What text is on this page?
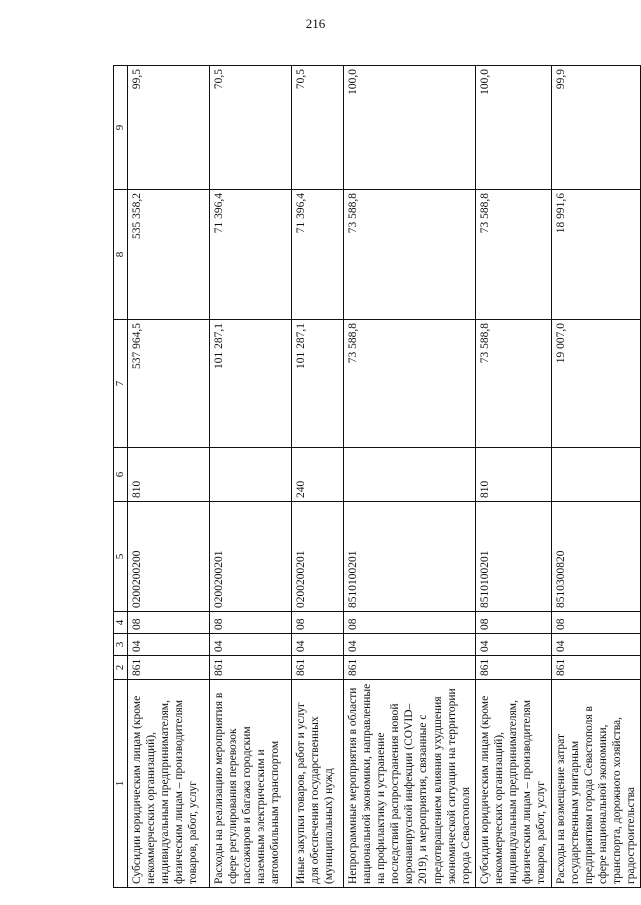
216
1	2	3	4	5	6	7	8	9
Субсидии юридическим лицам (кроме некоммерческих организаций), индивидуальным предпринимателям, физическим лицам – производителям товаров, работ, услуг	861	04	08	0200200200	810	537 964,5	535 358,2	99,5
Расходы на реализацию мероприятия в сфере регулирования перевозок пассажиров и багажа городским наземным электрическим и автомобильным транспортом	861	04	08	0200200201		101 287,1	71 396,4	70,5
Иные закупки товаров, работ и услуг для обеспечения государственных (муниципальных) нужд	861	04	08	0200200201	240	101 287,1	71 396,4	70,5
Непрограммные мероприятия в области национальной экономики, направленные на профилактику и устранение последствий распространения новой коронавирусной инфекции (COVID–2019), и мероприятия, связанные с предотвращением влияния ухудшения экономической ситуации на территории города Севастополя	861	04	08	8510100201		73 588,8	73 588,8	100,0
Субсидии юридическим лицам (кроме некоммерческих организаций), индивидуальным предпринимателям, физическим лицам – производителям товаров, работ, услуг	861	04	08	8510100201	810	73 588,8	73 588,8	100,0
Расходы на возмещение затрат государственным унитарным предприятиям города Севастополя в сфере национальной экономики, транспорта, дорожного хозяйства, градостроительства	861	04	08	8510300820		19 007,0	18 991,6	99,9
